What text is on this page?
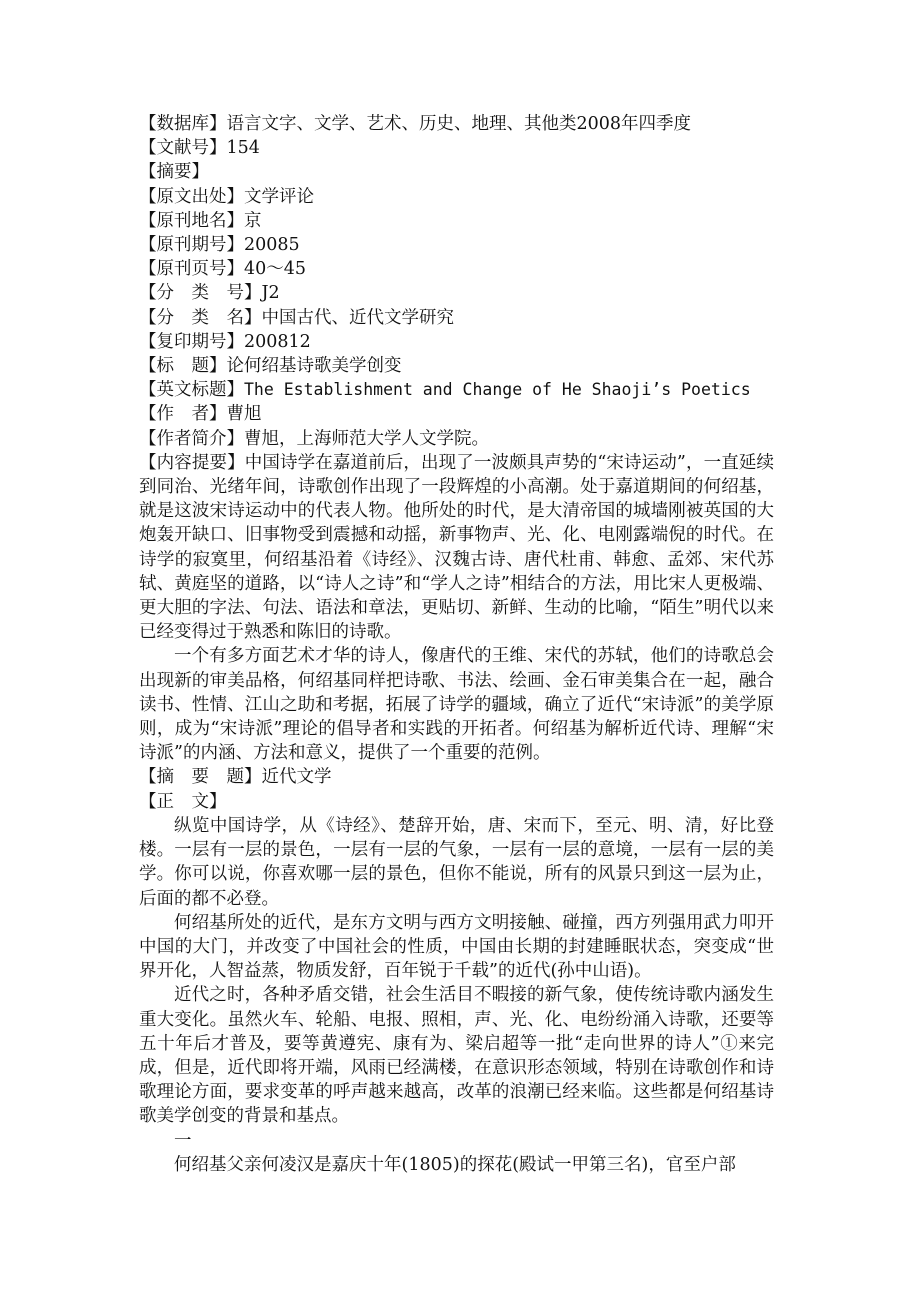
【数据库】语言文字、文学、艺术、历史、地理、其他类2008年四季度

【文献号】154

【摘要】

【原文出处】文学评论

【原刊地名】京

【原刊期号】20085

【原刊页号】40～45

【分　类　号】J2

【分　类　名】中国古代、近代文学研究

【复印期号】200812

【标　题】论何绍基诗歌美学创变

【英文标题】The Establishment and Change of He Shaoji’s Poetics

【作　者】曹旭

【作者简介】曹旭，上海师范大学人文学院。

【内容提要】中国诗学在嘉道前后，出现了一波颇具声势的“宋诗运动”，一直延续到同治、光绪年间，诗歌创作出现了一段辉煌的小高潮。处于嘉道期间的何绍基，就是这波宋诗运动中的代表人物。他所处的时代，是大清帝国的城墙刚被英国的大炮轰开缺口、旧事物受到震撼和动摇，新事物声、光、化、电刚露端倪的时代。在诗学的寂寞里，何绍基沿着《诗经》、汉魏古诗、唐代杜甫、韩愈、孟郊、宋代苏轼、黄庭坚的道路，以“诗人之诗”和“学人之诗”相结合的方法，用比宋人更极端、更大胆的字法、句法、语法和章法，更贴切、新鲜、生动的比喻，“陌生”明代以来已经变得过于熟悉和陈旧的诗歌。

一个有多方面艺术才华的诗人，像唐代的王维、宋代的苏轼，他们的诗歌总会出现新的审美品格，何绍基同样把诗歌、书法、绘画、金石审美集合在一起，融合读书、性情、江山之助和考据，拓展了诗学的疆域，确立了近代“宋诗派”的美学原则，成为“宋诗派”理论的倡导者和实践的开拓者。何绍基为解析近代诗、理解“宋诗派”的内涵、方法和意义，提供了一个重要的范例。

【摘　要　题】近代文学

【正　文】

纵览中国诗学，从《诗经》、楚辞开始，唐、宋而下，至元、明、清，好比登楼。一层有一层的景色，一层有一层的气象，一层有一层的意境，一层有一层的美学。你可以说，你喜欢哪一层的景色，但你不能说，所有的风景只到这一层为止，后面的都不必登。

何绍基所处的近代，是东方文明与西方文明接触、碰撞，西方列强用武力叩开中国的大门，并改变了中国社会的性质，中国由长期的封建睡眠状态，突变成“世界开化，人智益蒸，物质发舒，百年锐于千载”的近代(孙中山语)。

近代之时，各种矛盾交错，社会生活目不暇接的新气象，使传统诗歌内涵发生重大变化。虽然火车、轮船、电报、照相，声、光、化、电纷纷涌入诗歌，还要等五十年后才普及，要等黄遵宪、康有为、梁启超等一批“走向世界的诗人”①来完成，但是，近代即将开端，风雨已经满楼，在意识形态领域，特别在诗歌创作和诗歌理论方面，要求变革的呼声越来越高，改革的浪潮已经来临。这些都是何绍基诗歌美学创变的背景和基点。

一

何绍基父亲何凌汉是嘉庆十年(1805)的探花(殿试一甲第三名)，官至户部
